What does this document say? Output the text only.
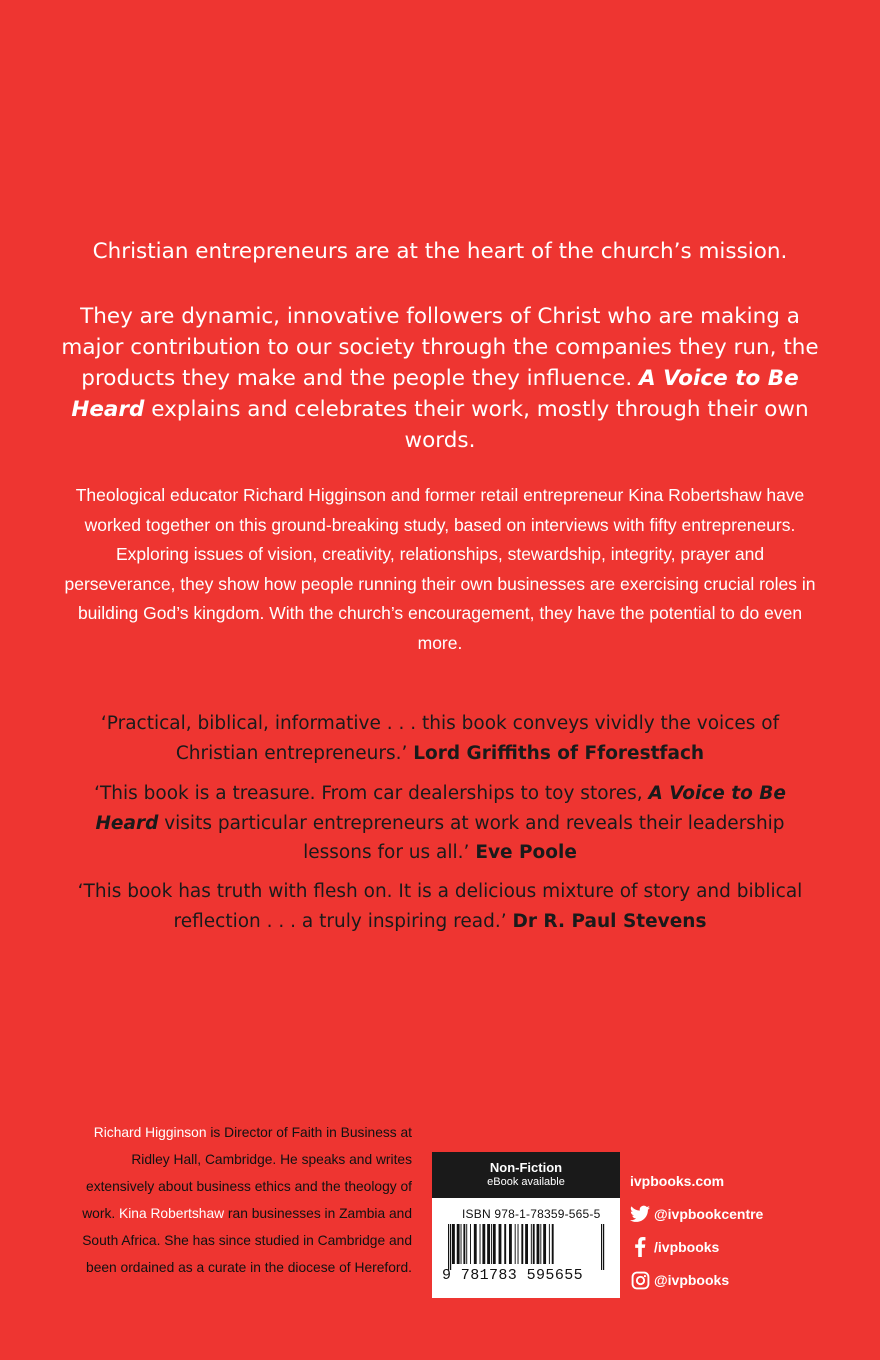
Christian entrepreneurs are at the heart of the church’s mission.

They are dynamic, innovative followers of Christ who are making a major contribution to our society through the companies they run, the products they make and the people they influence. A Voice to Be Heard explains and celebrates their work, mostly through their own words.

Theological educator Richard Higginson and former retail entrepreneur Kina Robertshaw have worked together on this ground-breaking study, based on interviews with fifty entrepreneurs. Exploring issues of vision, creativity, relationships, stewardship, integrity, prayer and perseverance, they show how people running their own businesses are exercising crucial roles in building God’s kingdom. With the church’s encouragement, they have the potential to do even more.

‘Practical, biblical, informative . . . this book conveys vividly the voices of Christian entrepreneurs.’ Lord Griffiths of Fforestfach

‘This book is a treasure. From car dealerships to toy stores, A Voice to Be Heard visits particular entrepreneurs at work and reveals their leadership lessons for us all.’ Eve Poole

‘This book has truth with flesh on. It is a delicious mixture of story and biblical reflection . . . a truly inspiring read.’ Dr R. Paul Stevens

Richard Higginson is Director of Faith in Business at Ridley Hall, Cambridge. He speaks and writes extensively about business ethics and the theology of work. Kina Robertshaw ran businesses in Zambia and South Africa. She has since studied in Cambridge and been ordained as a curate in the diocese of Hereford.

Non-Fiction
eBook available
ISBN 978-1-78359-565-5
9 781783 595655
ivpbooks.com
@ivpbookcentre
/ivpbooks
@ivpbooks
